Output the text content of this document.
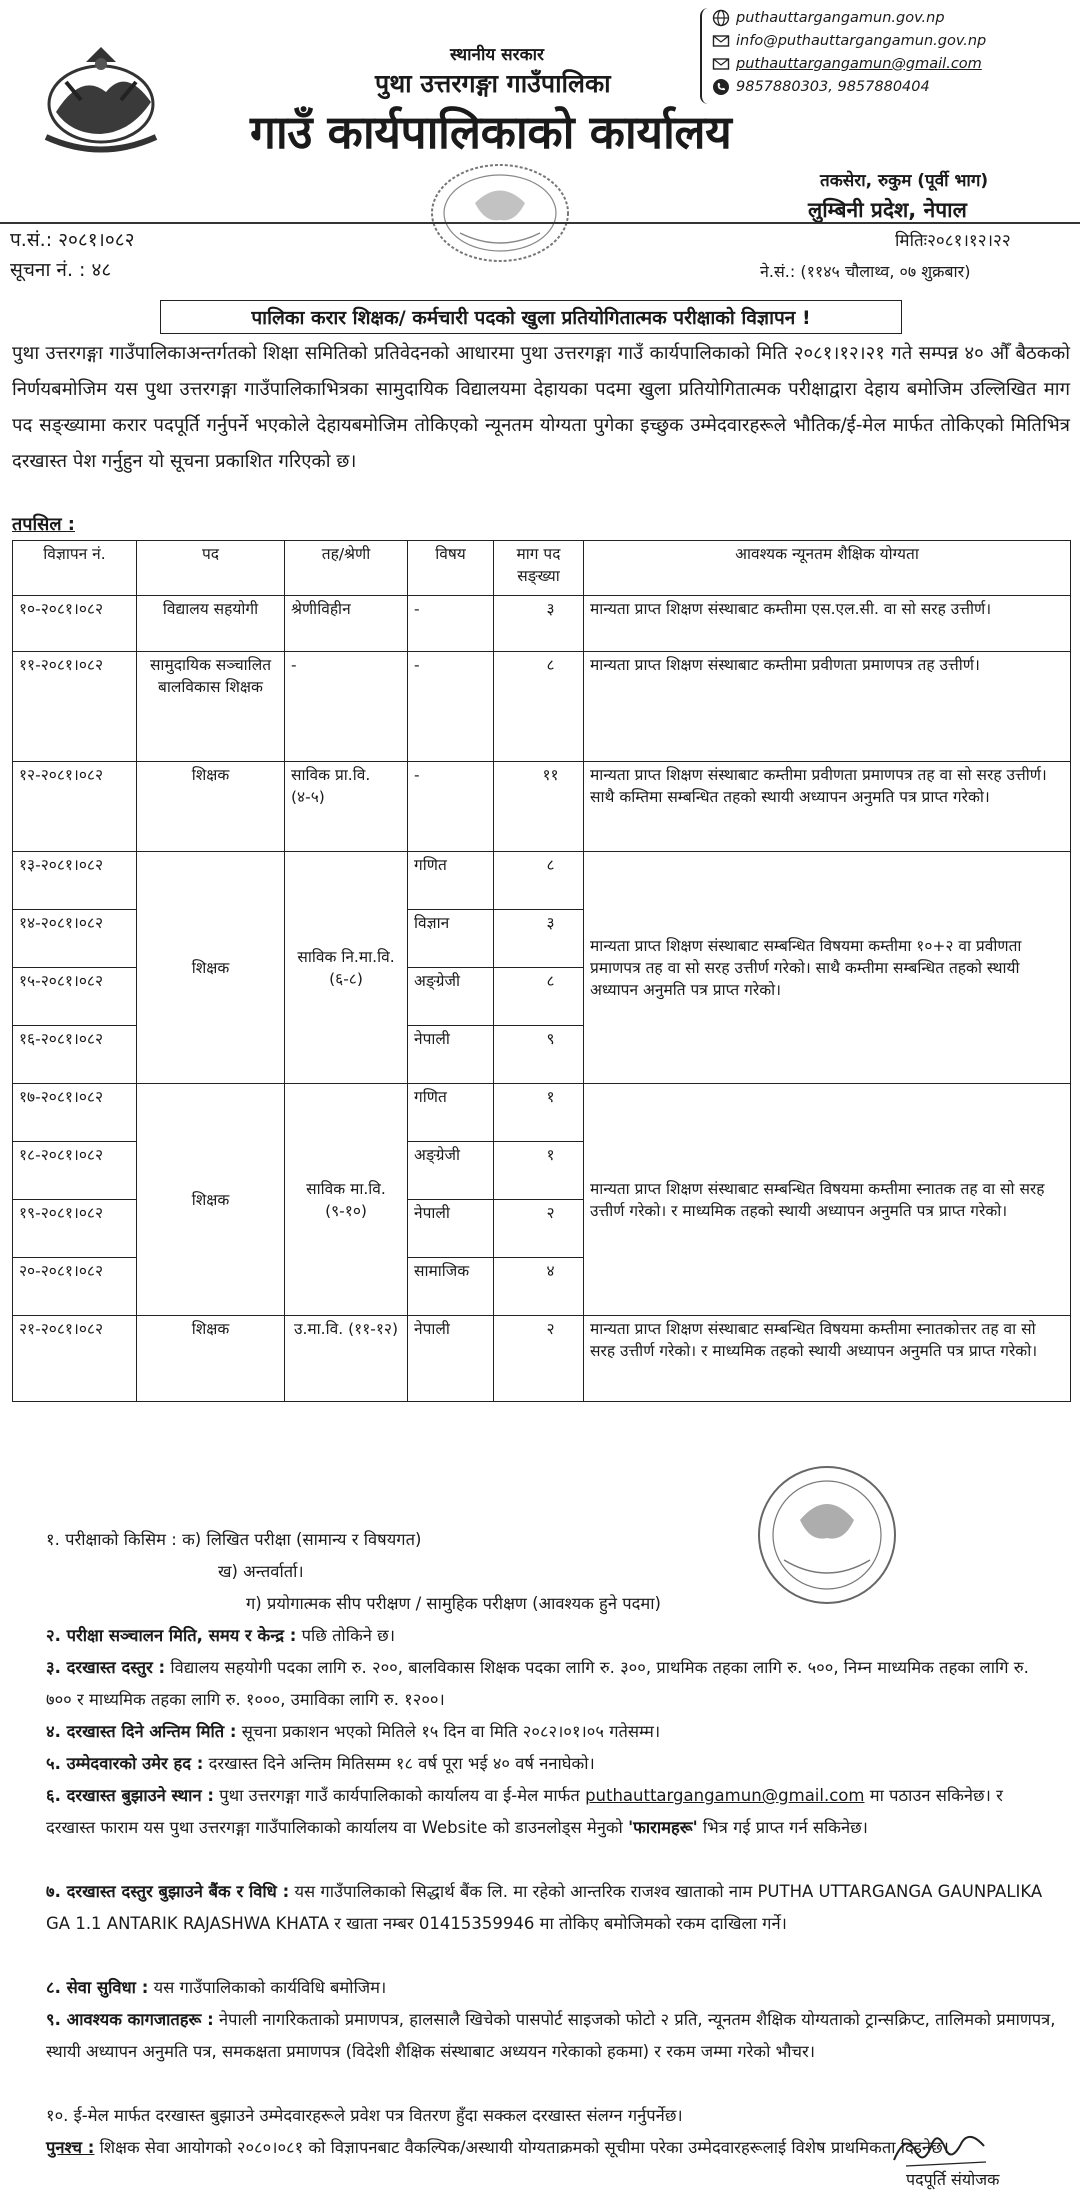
स्थानीय सरकार
पुथा उत्तरगङ्गा गाउँपालिका
गाउँ कार्यपालिकाको कार्यालय
puthauttargangamun.gov.np
info@puthauttargangamun.gov.np
puthauttargangamun@gmail.com
9857880303, 9857880404
तकसेरा, रुकुम (पूर्वी भाग)
लुम्बिनी प्रदेश, नेपाल
प.सं.: २०८१।०८२
सूचना नं. : ४८
मितिः२०८१।१२।२२
ने.सं.: (११४५ चौलाथ्व, ०७ शुक्रबार)
पालिका करार शिक्षक/ कर्मचारी पदको खुला प्रतियोगितात्मक परीक्षाको विज्ञापन !

पुथा उत्तरगङ्गा गाउँपालिकाअन्तर्गतको शिक्षा समितिको प्रतिवेदनको आधारमा पुथा उत्तरगङ्गा गाउँ कार्यपालिकाको मिति २०८१।१२।२१ गते सम्पन्न ४० औँ बैठकको निर्णयबमोजिम यस पुथा उत्तरगङ्गा गाउँपालिकाभित्रका सामुदायिक विद्यालयमा देहायका पदमा खुला प्रतियोगितात्मक परीक्षाद्वारा देहाय बमोजिम उल्लिखित माग पद सङ्ख्यामा करार पदपूर्ति गर्नुपर्ने भएकोले देहायबमोजिम तोकिएको न्यूनतम योग्यता पुगेका इच्छुक उम्मेदवारहरूले भौतिक/ई-मेल मार्फत तोकिएको मितिभित्र दरखास्त पेश गर्नुहुन यो सूचना प्रकाशित गरिएको छ।

तपसिल :
विज्ञापन नं.	पद	तह/श्रेणी	विषय	माग पद सङ्ख्या	आवश्यक न्यूनतम शैक्षिक योग्यता
१०-२०८१।०८२	विद्यालय सहयोगी	श्रेणीविहीन	-	३	मान्यता प्राप्त शिक्षण संस्थाबाट कम्तीमा एस.एल.सी. वा सो सरह उत्तीर्ण।
११-२०८१।०८२	सामुदायिक सञ्चालित बालविकास शिक्षक	-	-	८	मान्यता प्राप्त शिक्षण संस्थाबाट कम्तीमा प्रवीणता प्रमाणपत्र तह उत्तीर्ण।
१२-२०८१।०८२	शिक्षक	साविक प्रा.वि. (४-५)	-	११	मान्यता प्राप्त शिक्षण संस्थाबाट कम्तीमा प्रवीणता प्रमाणपत्र तह वा सो सरह उत्तीर्ण। साथै कम्तिमा सम्बन्धित तहको स्थायी अध्यापन अनुमति पत्र प्राप्त गरेको।
१३-२०८१।०८२	शिक्षक	साविक नि.मा.वि. (६-८)	गणित	८	मान्यता प्राप्त शिक्षण संस्थाबाट सम्बन्धित विषयमा कम्तीमा १०+२ वा प्रवीणता प्रमाणपत्र तह वा सो सरह उत्तीर्ण गरेको। साथै कम्तीमा सम्बन्धित तहको स्थायी अध्यापन अनुमति पत्र प्राप्त गरेको।
१४-२०८१।०८२			विज्ञान	३	
१५-२०८१।०८२			अङ्ग्रेजी	८	
१६-२०८१।०८२			नेपाली	९	
१७-२०८१।०८२	शिक्षक	साविक मा.वि. (९-१०)	गणित	१	मान्यता प्राप्त शिक्षण संस्थाबाट सम्बन्धित विषयमा कम्तीमा स्नातक तह वा सो सरह उत्तीर्ण गरेको। र माध्यमिक तहको स्थायी अध्यापन अनुमति पत्र प्राप्त गरेको।
१८-२०८१।०८२			अङ्ग्रेजी	१	
१९-२०८१।०८२			नेपाली	२	
२०-२०८१।०८२			सामाजिक	४	
२१-२०८१।०८२	शिक्षक	उ.मा.वि. (११-१२)	नेपाली	२	मान्यता प्राप्त शिक्षण संस्थाबाट सम्बन्धित विषयमा कम्तीमा स्नातकोत्तर तह वा सो सरह उत्तीर्ण गरेको। र माध्यमिक तहको स्थायी अध्यापन अनुमति पत्र प्राप्त गरेको।
१. परीक्षाको किसिम : क) लिखित परीक्षा (सामान्य र विषयगत)
ख) अन्तर्वार्ता।
ग) प्रयोगात्मक सीप परीक्षण / सामुहिक परीक्षण (आवश्यक हुने पदमा)
२. परीक्षा सञ्चालन मिति, समय र केन्द्र : पछि तोकिने छ।
३. दरखास्त दस्तुर : विद्यालय सहयोगी पदका लागि रु. २००, बालविकास शिक्षक पदका लागि रु. ३००, प्राथमिक तहका लागि रु. ५००, निम्न माध्यमिक तहका लागि रु. ७०० र माध्यमिक तहका लागि रु. १०००, उमाविका लागि रु. १२००।
४. दरखास्त दिने अन्तिम मिति : सूचना प्रकाशन भएको मितिले १५ दिन वा मिति २०८२।०१।०५ गतेसम्म।
५. उम्मेदवारको उमेर हद : दरखास्त दिने अन्तिम मितिसम्म १८ वर्ष पूरा भई ४० वर्ष ननाघेको।
६. दरखास्त बुझाउने स्थान : पुथा उत्तरगङ्गा गाउँ कार्यपालिकाको कार्यालय वा ई-मेल मार्फत puthauttargangamun@gmail.com मा पठाउन सकिनेछ। र दरखास्त फाराम यस पुथा उत्तरगङ्गा गाउँपालिकाको कार्यालय वा Website को डाउनलोड्स मेनुको 'फारामहरू' भित्र गई प्राप्त गर्न सकिनेछ।
७. दरखास्त दस्तुर बुझाउने बैंक र विधि : यस गाउँपालिकाको सिद्धार्थ बैंक लि. मा रहेको आन्तरिक राजश्व खाताको नाम PUTHA UTTARGANGA GAUNPALIKA GA 1.1 ANTARIK RAJASHWA KHATA र खाता नम्बर 01415359946 मा तोकिए बमोजिमको रकम दाखिला गर्ने।
८. सेवा सुविधा : यस गाउँपालिकाको कार्यविधि बमोजिम।
९. आवश्यक कागजातहरू : नेपाली नागरिकताको प्रमाणपत्र, हालसालै खिचेको पासपोर्ट साइजको फोटो २ प्रति, न्यूनतम शैक्षिक योग्यताको ट्रान्सक्रिप्ट, तालिमको प्रमाणपत्र, स्थायी अध्यापन अनुमति पत्र, समकक्षता प्रमाणपत्र (विदेशी शैक्षिक संस्थाबाट अध्ययन गरेकाको हकमा) र रकम जम्मा गरेको भौचर।
१०. ई-मेल मार्फत दरखास्त बुझाउने उम्मेदवारहरूले प्रवेश पत्र वितरण हुँदा सक्कल दरखास्त संलग्न गर्नुपर्नेछ।
पुनश्च : शिक्षक सेवा आयोगको २०८०।०८१ को विज्ञापनबाट वैकल्पिक/अस्थायी योग्यताक्रमको सूचीमा परेका उम्मेदवारहरूलाई विशेष प्राथमिकता दिइनेछ।
पदपूर्ति संयोजक
